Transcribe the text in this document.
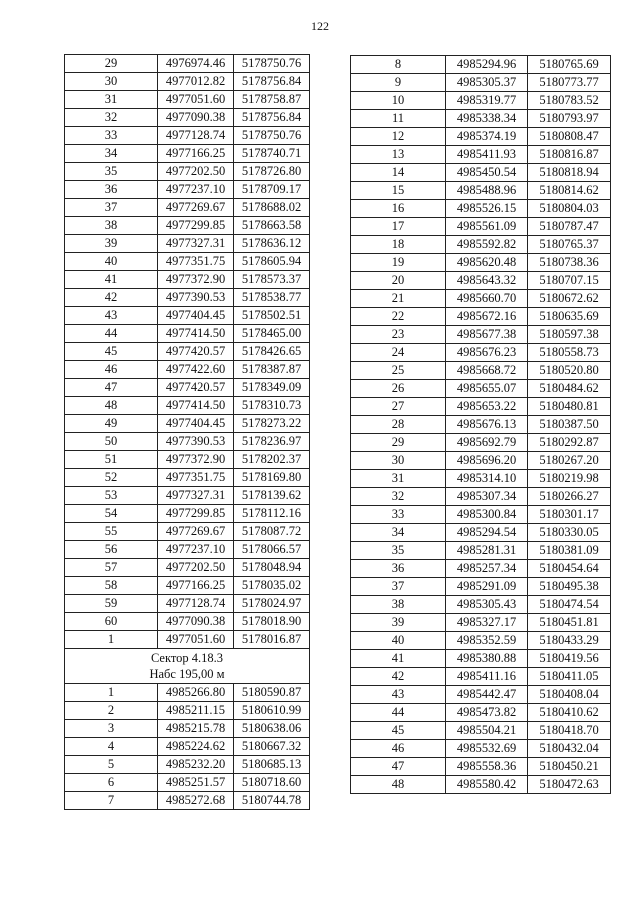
122
29	4976974.46	5178750.76
30	4977012.82	5178756.84
31	4977051.60	5178758.87
32	4977090.38	5178756.84
33	4977128.74	5178750.76
34	4977166.25	5178740.71
35	4977202.50	5178726.80
36	4977237.10	5178709.17
37	4977269.67	5178688.02
38	4977299.85	5178663.58
39	4977327.31	5178636.12
40	4977351.75	5178605.94
41	4977372.90	5178573.37
42	4977390.53	5178538.77
43	4977404.45	5178502.51
44	4977414.50	5178465.00
45	4977420.57	5178426.65
46	4977422.60	5178387.87
47	4977420.57	5178349.09
48	4977414.50	5178310.73
49	4977404.45	5178273.22
50	4977390.53	5178236.97
51	4977372.90	5178202.37
52	4977351.75	5178169.80
53	4977327.31	5178139.62
54	4977299.85	5178112.16
55	4977269.67	5178087.72
56	4977237.10	5178066.57
57	4977202.50	5178048.94
58	4977166.25	5178035.02
59	4977128.74	5178024.97
60	4977090.38	5178018.90
1	4977051.60	5178016.87

Сектор 4.18.3
Набс 195,00 м		

1	4985266.80	5180590.87
2	4985211.15	5180610.99
3	4985215.78	5180638.06
4	4985224.62	5180667.32
5	4985232.20	5180685.13
6	4985251.57	5180718.60
7	4985272.68	5180744.78
8	4985294.96	5180765.69
9	4985305.37	5180773.77
10	4985319.77	5180783.52
11	4985338.34	5180793.97
12	4985374.19	5180808.47
13	4985411.93	5180816.87
14	4985450.54	5180818.94
15	4985488.96	5180814.62
16	4985526.15	5180804.03
17	4985561.09	5180787.47
18	4985592.82	5180765.37
19	4985620.48	5180738.36
20	4985643.32	5180707.15
21	4985660.70	5180672.62
22	4985672.16	5180635.69
23	4985677.38	5180597.38
24	4985676.23	5180558.73
25	4985668.72	5180520.80
26	4985655.07	5180484.62
27	4985653.22	5180480.81
28	4985676.13	5180387.50
29	4985692.79	5180292.87
30	4985696.20	5180267.20
31	4985314.10	5180219.98
32	4985307.34	5180266.27
33	4985300.84	5180301.17
34	4985294.54	5180330.05
35	4985281.31	5180381.09
36	4985257.34	5180454.64
37	4985291.09	5180495.38
38	4985305.43	5180474.54
39	4985327.17	5180451.81
40	4985352.59	5180433.29
41	4985380.88	5180419.56
42	4985411.16	5180411.05
43	4985442.47	5180408.04
44	4985473.82	5180410.62
45	4985504.21	5180418.70
46	4985532.69	5180432.04
47	4985558.36	5180450.21
48	4985580.42	5180472.63
